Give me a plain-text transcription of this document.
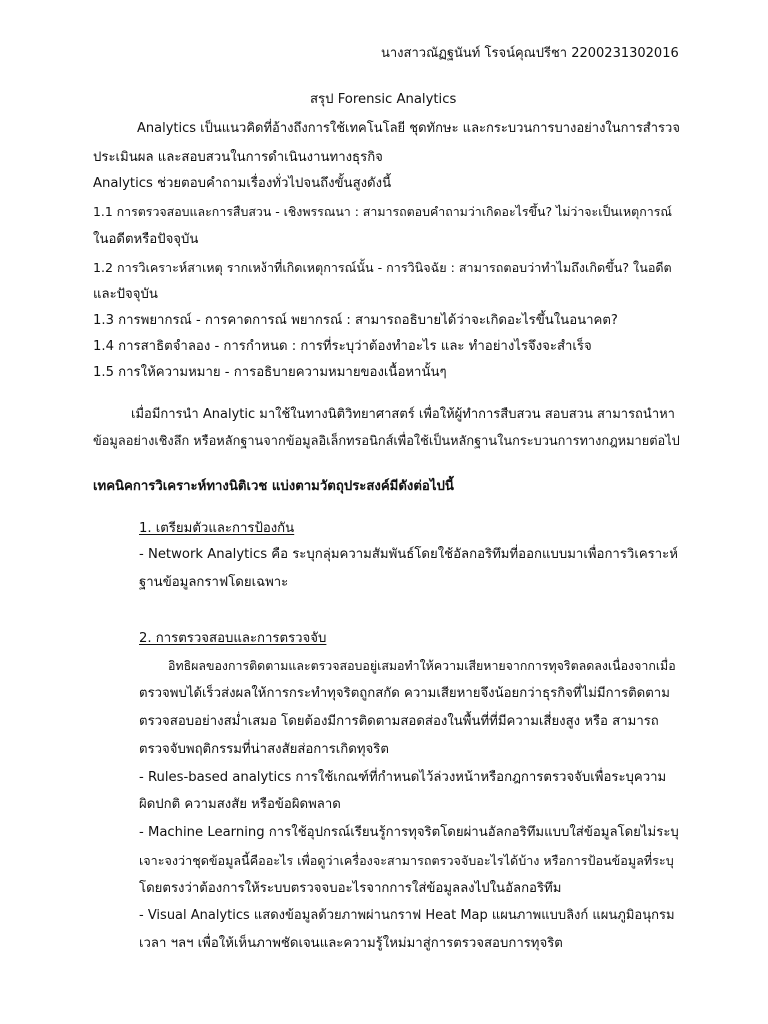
นางสาวณัฏฐนันท์ โรจน์คุณปรีชา 2200231302016
สรุป Forensic Analytics
Analytics เป็นแนวคิดที่อ้างถึงการใช้เทคโนโลยี ชุดทักษะ และกระบวนการบางอย่างในการสำรวจ
ประเมินผล และสอบสวนในการดำเนินงานทางธุรกิจ
Analytics ช่วยตอบคำถามเรื่องทั่วไปจนถึงขั้นสูงดังนี้
1.1 การตรวจสอบและการสืบสวน - เชิงพรรณนา : สามารถตอบคำถามว่าเกิดอะไรขึ้น? ไม่ว่าจะเป็นเหตุการณ์
ในอดีตหรือปัจจุบัน
1.2 การวิเคราะห์สาเหตุ รากเหง้าที่เกิดเหตุการณ์นั้น - การวินิจฉัย : สามารถตอบว่าทำไมถึงเกิดขึ้น? ในอดีต
และปัจจุบัน
1.3 การพยากรณ์ - การคาดการณ์ พยากรณ์ : สามารถอธิบายได้ว่าจะเกิดอะไรขึ้นในอนาคต?
1.4 การสาธิตจำลอง - การกำหนด : การที่ระบุว่าต้องทำอะไร และ ทำอย่างไรจึงจะสำเร็จ
1.5 การให้ความหมาย - การอธิบายความหมายของเนื้อหานั้นๆ
เมื่อมีการนำ Analytic มาใช้ในทางนิติวิทยาศาสตร์ เพื่อให้ผู้ทำการสืบสวน สอบสวน สามารถนำหา
ข้อมูลอย่างเชิงลึก หรือหลักฐานจากข้อมูลอิเล็กทรอนิกส์เพื่อใช้เป็นหลักฐานในกระบวนการทางกฎหมายต่อไป
เทคนิคการวิเคราะห์ทางนิติเวช แบ่งตามวัตถุประสงค์มีดังต่อไปนี้
1. เตรียมตัวและการป้องกัน
- Network Analytics คือ ระบุกลุ่มความสัมพันธ์โดยใช้อัลกอริทึมที่ออกแบบมาเพื่อการวิเคราะห์
ฐานข้อมูลกราฟโดยเฉพาะ
2. การตรวจสอบและการตรวจจับ
อิทธิผลของการติดตามและตรวจสอบอยู่เสมอทำให้ความเสียหายจากการทุจริตลดลงเนื่องจากเมื่อ
ตรวจพบได้เร็วส่งผลให้การกระทำทุจริตถูกสกัด ความเสียหายจึงน้อยกว่าธุรกิจที่ไม่มีการติดตาม
ตรวจสอบอย่างสม่ำเสมอ โดยต้องมีการติดตามสอดส่องในพื้นที่ที่มีความเสี่ยงสูง หรือ สามารถ
ตรวจจับพฤติกรรมที่น่าสงสัยส่อการเกิดทุจริต
- Rules-based analytics การใช้เกณฑ์ที่กำหนดไว้ล่วงหน้าหรือกฎการตรวจจับเพื่อระบุความ
ผิดปกติ ความสงสัย หรือข้อผิดพลาด
- Machine Learning การใช้อุปกรณ์เรียนรู้การทุจริตโดยผ่านอัลกอริทึมแบบใส่ข้อมูลโดยไม่ระบุ
เจาะจงว่าชุดข้อมูลนี้คืออะไร เพื่อดูว่าเครื่องจะสามารถตรวจจับอะไรได้บ้าง หรือการป้อนข้อมูลที่ระบุ
โดยตรงว่าต้องการให้ระบบตรวจจบอะไรจากการใส่ข้อมูลลงไปในอัลกอริทึม
- Visual Analytics แสดงข้อมูลด้วยภาพผ่านกราฟ Heat Map แผนภาพแบบลิงก์ แผนภูมิอนุกรม
เวลา ฯลฯ เพื่อให้เห็นภาพชัดเจนและความรู้ใหม่มาสู่การตรวจสอบการทุจริต
